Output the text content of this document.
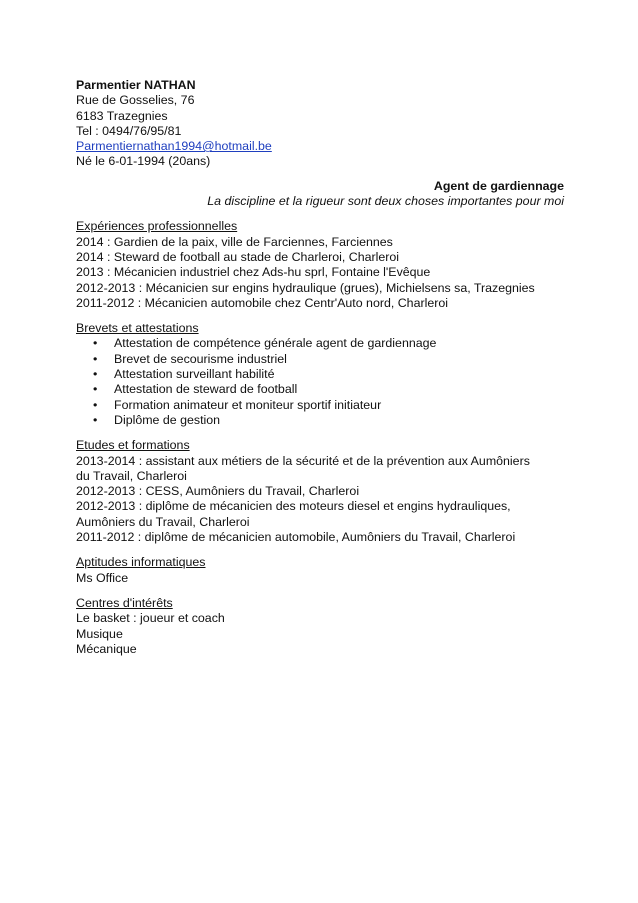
Parmentier NATHAN
Rue de Gosselies, 76
6183 Trazegnies
Tel : 0494/76/95/81
Parmentiernathan1994@hotmail.be
Né le 6-01-1994 (20ans)
Agent de gardiennage
La discipline et la rigueur sont deux choses importantes pour moi
Expériences professionnelles
2014 : Gardien de la paix, ville de Farciennes, Farciennes
2014 : Steward de football au stade de Charleroi, Charleroi
2013 : Mécanicien industriel chez Ads-hu sprl, Fontaine l'Evêque
2012-2013 : Mécanicien sur engins hydraulique (grues), Michielsens sa, Trazegnies
2011-2012 : Mécanicien automobile chez Centr'Auto nord, Charleroi
Brevets et attestations
• Attestation de compétence générale agent de gardiennage
• Brevet de secourisme industriel
• Attestation surveillant habilité
• Attestation de steward de football
• Formation animateur et moniteur sportif initiateur
• Diplôme de gestion
Etudes et formations
2013-2014 : assistant aux métiers de la sécurité et de la prévention aux Aumôniers
du Travail, Charleroi
2012-2013 : CESS, Aumôniers du Travail, Charleroi
2012-2013 : diplôme de mécanicien des moteurs diesel et engins hydrauliques,
Aumôniers du Travail, Charleroi
2011-2012 : diplôme de mécanicien automobile, Aumôniers du Travail, Charleroi
Aptitudes informatiques
Ms Office
Centres d'intérêts
Le basket : joueur et coach
Musique
Mécanique
